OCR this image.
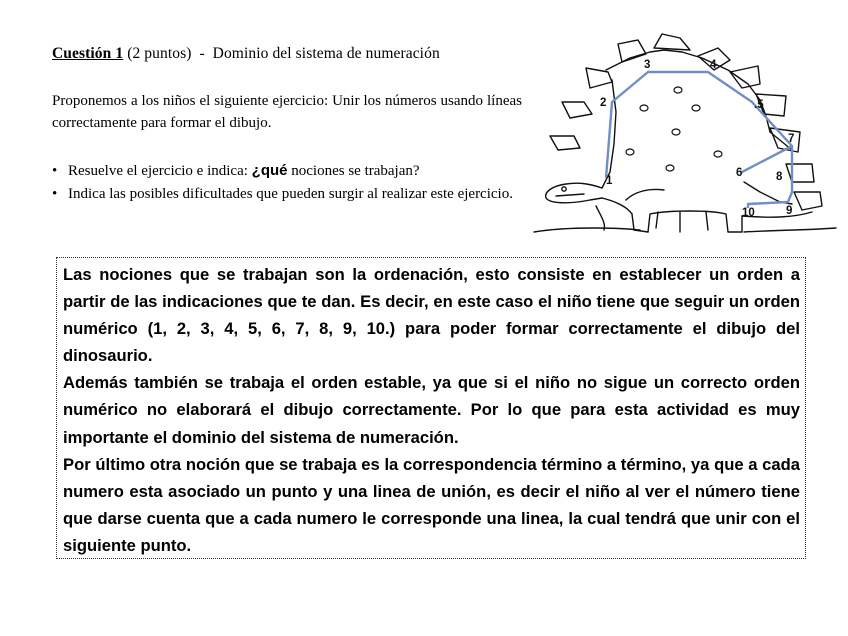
Cuestión 1 (2 puntos) - Dominio del sistema de numeración
Proponemos a los niños el siguiente ejercicio: Unir los números usando líneas correctamente para formar el dibujo.
• Resuelve el ejercicio e indica: ¿qué nociones se trabajan?
• Indica las posibles dificultades que pueden surgir al realizar este ejercicio.
1
2
3	4
.5
7
6	8
9
10

Las nociones que se trabajan son la ordenación, esto consiste en establecer un orden a partir de las indicaciones que te dan. Es decir, en este caso el niño tiene que seguir un orden numérico (1, 2, 3, 4, 5, 6, 7, 8, 9, 10.) para poder formar correctamente el dibujo del dinosaurio.

Además también se trabaja el orden estable, ya que si el niño no sigue un correcto orden numérico no elaborará el dibujo correctamente. Por lo que para esta actividad es muy importante el dominio del sistema de numeración.

Por último otra noción que se trabaja es la correspondencia término a término, ya que a cada numero esta asociado un punto y una linea de unión, es decir el niño al ver el número tiene que darse cuenta que a cada numero le corresponde una linea, la cual tendrá que unir con el siguiente punto.
